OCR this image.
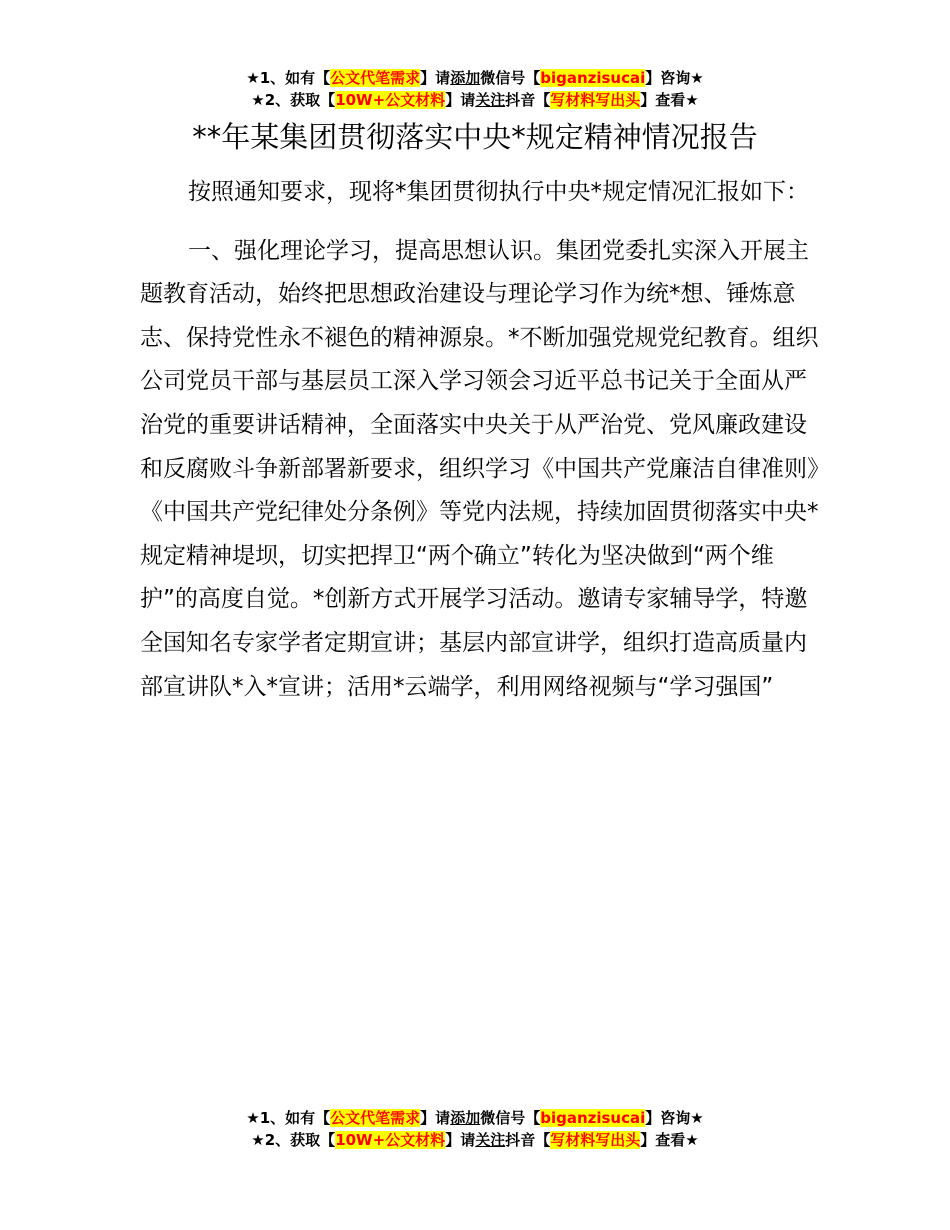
★1、如有【公文代笔需求】请添加微信号【biganzisucai】咨询★
★2、获取【10W+公文材料】请关注抖音【写材料写出头】查看★
**年某集团贯彻落实中央*规定精神情况报告

按照通知要求，现将*集团贯彻执行中央*规定情况汇报如下：

一、强化理论学习，提高思想认识。集团党委扎实深入开展主题教育活动，始终把思想政治建设与理论学习作为统*想、锤炼意志、保持党性永不褪色的精神源泉。*不断加强党规党纪教育。组织公司党员干部与基层员工深入学习领会习近平总书记关于全面从严治党的重要讲话精神，全面落实中央关于从严治党、党风廉政建设和反腐败斗争新部署新要求，组织学习《中国共产党廉洁自律准则》《中国共产党纪律处分条例》等党内法规，持续加固贯彻落实中央*规定精神堤坝，切实把捍卫“两个确立”转化为坚决做到“两个维护”的高度自觉。*创新方式开展学习活动。邀请专家辅导学，特邀全国知名专家学者定期宣讲；基层内部宣讲学，组织打造高质量内部宣讲队*入*宣讲；活用*云端学，利用网络视频与“学习强国”

★1、如有【公文代笔需求】请添加微信号【biganzisucai】咨询★
★2、获取【10W+公文材料】请关注抖音【写材料写出头】查看★
